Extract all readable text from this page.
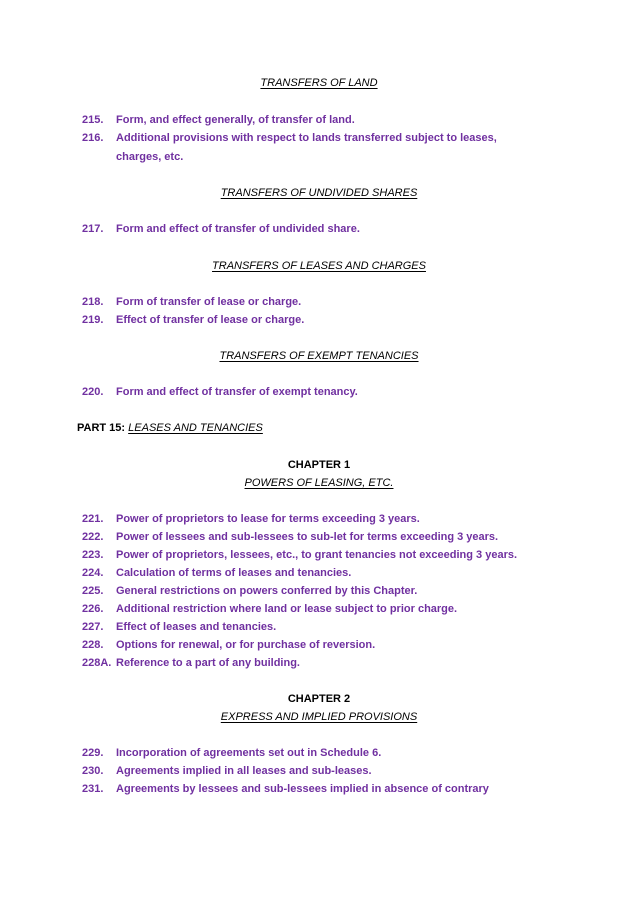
TRANSFERS OF LAND
215. Form, and effect generally, of transfer of land.
216. Additional provisions with respect to lands transferred subject to leases,
charges, etc.
TRANSFERS OF UNDIVIDED SHARES
217. Form and effect of transfer of undivided share.
TRANSFERS OF LEASES AND CHARGES
218. Form of transfer of lease or charge.
219. Effect of transfer of lease or charge.
TRANSFERS OF EXEMPT TENANCIES
220. Form and effect of transfer of exempt tenancy.
PART 15: LEASES AND TENANCIES
CHAPTER 1
POWERS OF LEASING, ETC.
221. Power of proprietors to lease for terms exceeding 3 years.
222. Power of lessees and sub-lessees to sub-let for terms exceeding 3 years.
223. Power of proprietors, lessees, etc., to grant tenancies not exceeding 3 years.
224. Calculation of terms of leases and tenancies.
225. General restrictions on powers conferred by this Chapter.
226. Additional restriction where land or lease subject to prior charge.
227. Effect of leases and tenancies.
228. Options for renewal, or for purchase of reversion.
228A. Reference to a part of any building.
CHAPTER 2
EXPRESS AND IMPLIED PROVISIONS
229. Incorporation of agreements set out in Schedule 6.
230. Agreements implied in all leases and sub-leases.
231. Agreements by lessees and sub-lessees implied in absence of contrary
